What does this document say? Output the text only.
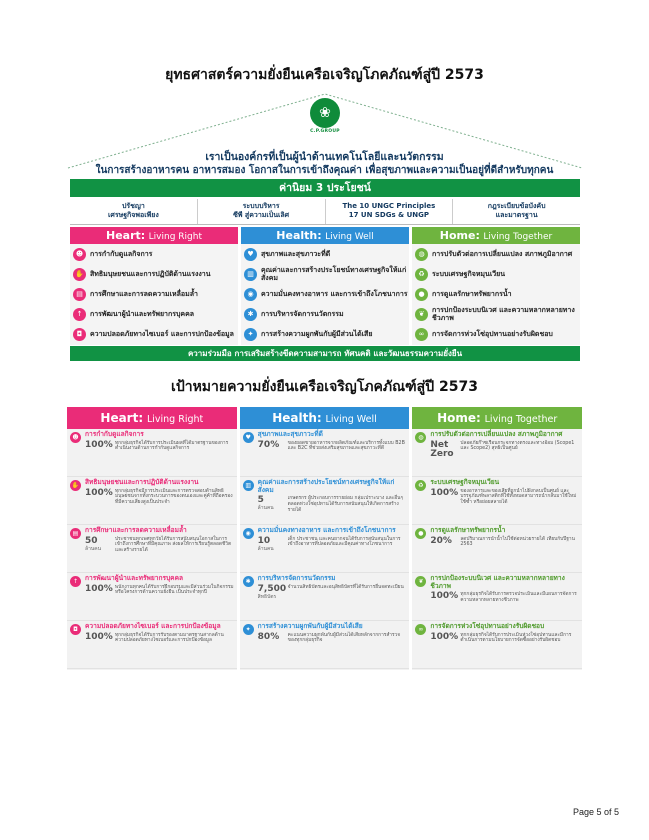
ยุทธศาสตร์ความยั่งยืนเครือเจริญโภคภัณฑ์สู่ปี 2573
❀
C.P.GROUP
เราเป็นองค์กรที่เป็นผู้นำด้านเทคโนโลยีและนวัตกรรม
ในการสร้างอาหารคน อาหารสมอง โอกาสในการเข้าถึงคุณค่า เพื่อสุขภาพและความเป็นอยู่ที่ดีสำหรับทุกคน
ค่านิยม 3 ประโยชน์
ปรัชญา
เศรษฐกิจพอเพียง
ระบบบริหาร
ซีพี สู่ความเป็นเลิศ
The 10 UNGC Principles
17 UN SDGs & UNGP
กฎระเบียบข้อบังคับ
และมาตรฐาน
Heart: Living Right
☻ การกำกับดูแลกิจการ
✋ สิทธิมนุษยชนและการปฏิบัติด้านแรงงาน
▤	การศึกษาและการลดความเหลื่อมล้ำ
↑	การพัฒนาผู้นำและทรัพยากรบุคคล
◘	ความปลอดภัยทางไซเบอร์ และการปกป้องข้อมูล
Health: Living Well
♥	สุขภาพและสุขภาวะที่ดี
▥	คุณค่าและการสร้างประโยชน์ทางเศรษฐกิจให้แก่สังคม
◉	ความมั่นคงทางอาหาร และการเข้าถึงโภชนาการ
✱	การบริหารจัดการนวัตกรรม
✦	การสร้างความผูกพันกับผู้มีส่วนได้เสีย
Home: Living Together
◍	การปรับตัวต่อการเปลี่ยนแปลง สภาพภูมิอากาศ
♻	ระบบเศรษฐกิจหมุนเวียน
●	การดูแลรักษาทรัพยากรน้ำ
❦	การปกป้องระบบนิเวศ และความหลากหลายทางชีวภาพ
∞	การจัดการห่วงโซ่อุปทานอย่างรับผิดชอบ
ความร่วมมือ การเสริมสร้างขีดความสามารถ ทัศนคติ และวัฒนธรรมความยั่งยืน
เป้าหมายความยั่งยืนเครือเจริญโภคภัณฑ์สู่ปี 2573
Heart: Living Right
☻ การกำกับดูแลกิจการ
100% ทุกกลุ่มธุรกิจได้รับการประเมินผลที่ได้มาตรฐานของการดำเนินงานด้านการกำกับดูแลกิจการ
✋ สิทธิมนุษยชนและการปฏิบัติด้านแรงงาน
100% ทุกกลุ่มธุรกิจมีการประเมินและการตรวจสอบด้านสิทธิมนุษยชนจากทั้งกระบวนการของตนเองและคู่ค้าที่ถือครองที่มีความเสี่ยงสูงเป็นประจำ
▤	การศึกษาและการลดความเหลื่อมล้ำ
50
ล้านคน
ประชาชนทุกเพศทุกวัยได้รับการสนับสนุนโอกาสในการเข้าถึงการศึกษาที่มีคุณภาพ ส่งผลให้การเรียนรู้ตลอดชีวิตและสร้างรายได้
↑	การพัฒนาผู้นำและทรัพยากรบุคคล
100% พนักงานทุกคนได้รับการฝึกอบรมและมีส่วนร่วมในกิจกรรมหรือโครงการด้านความยั่งยืน เป็นประจำทุกปี
◘	ความปลอดภัยทางไซเบอร์ และการปกป้องข้อมูล
100% ทุกกลุ่มธุรกิจได้รับการรับรองตามมาตรฐานสากลด้านความปลอดภัยทางไซเบอร์และการปกป้องข้อมูล
Health: Living Well
♥	สุขภาพและสุขภาวะที่ดี
70%	ของยอดขายอาหารจากผลิตภัณฑ์และบริการทั้งแบบ B2B และ B2C ที่ช่วยส่งเสริมสุขภาพและสุขภาวะที่ดี
▥	คุณค่าและการสร้างประโยชน์ทางเศรษฐกิจให้แก่สังคม
5
ล้านคน
เกษตรกร ผู้ประกอบการรายย่อม กลุ่มเปราะบาง และอื่นๆ ตลอดห่วงโซ่อุปทานได้รับการสนับสนุนให้เกิดการสร้างรายได้
◉	ความมั่นคงทางอาหาร และการเข้าถึงโภชนาการ
10
ล้านคน
เด็ก ประชาชน และคนยากจนได้รับการสนับสนุนในการเข้าถึงอาหารที่ปลอดภัยและมีคุณค่าทางโภชนาการ
✱	การบริหารจัดการนวัตกรรม
7,500
สิทธิบัตร
จำนวนสิทธิบัตรและอนุสิทธิบัตรที่ได้รับการยื่นจดทะเบียน
✦	การสร้างความผูกพันกับผู้มีส่วนได้เสีย
80%	คะแนนความผูกพันกับผู้มีส่วนได้เสียหลักจากการสำรวจของทุกกลุ่มธุรกิจ
Home: Living Together
◍	การปรับตัวต่อการเปลี่ยนแปลง สภาพภูมิอากาศ
Net Zero
ปลอดภัยก๊าซเรือนกระจกทางตรงและทางอ้อม (Scope1 และ Scope2) สุทธิเป็นศูนย์
♻	ระบบเศรษฐกิจหมุนเวียน
100% ของอาหารและของเสียที่ถูกนำไปฝังกลบเป็นศูนย์ และบรรจุภัณฑ์พลาสติกที่ใช้ทั้งหมดสามารถนำกลับมาใช้ใหม่ ใช้ซ้ำ หรือย่อยสลายได้
●	การดูแลรักษาทรัพยากรน้ำ
20%	ลดปริมาณการนำน้ำไปใช้ต่อหน่วยรายได้ เทียบกับปีฐาน 2563
❦	การปกป้องระบบนิเวศ และความหลากหลายทางชีวภาพ
100% ทุกกลุ่มธุรกิจได้รับการตรวจประเมินและมีแผนการจัดการความหลากหลายทางชีวภาพ
∞	การจัดการห่วงโซ่อุปทานอย่างรับผิดชอบ
100% ทุกกลุ่มธุรกิจได้รับการประเมินห่วงโซ่อุปทานและมีการดำเนินการตามนโยบายการจัดซื้ออย่างรับผิดชอบ
Page 5 of 5
